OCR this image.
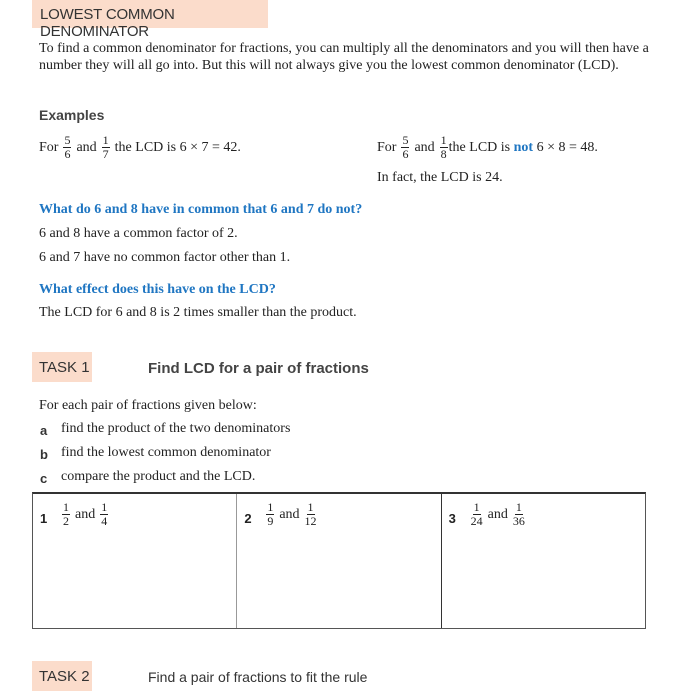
LOWEST COMMON DENOMINATOR

To find a common denominator for fractions, you can multiply all the denominators and you will then have a number they will all go into. But this will not always give you the lowest common denominator (LCD).

Examples
For $\frac{5}{6}$ and $\frac{1}{7}$ the LCD is 6 × 7 = 42.	For $\frac{5}{6}$ and $\frac{1}{8}$ the LCD is
not
6 × 8 = 48.
In fact, the LCD is 24.
What do 6 and 8 have in common that 6 and 7 do not?
6 and 8 have a common factor of 2.
6 and 7 have no common factor other than 1.
What effect does this have on the LCD?
The LCD for 6 and 8 is 2 times smaller than the product.
TASK 1	Find LCD for a pair of fractions
For each pair of fractions given below:
a find the product of the two denominators
b find the lowest common denominator
c compare the product and the LCD.
$1 \frac{1}{2}$ and $\frac{1}{4}$	$2 \frac{1}{9}$ and $\frac{1}{12}$	$3 \frac{1}{24}$ and $\frac{1}{36}$
TASK 2	Find a pair of fractions to fit the rule
